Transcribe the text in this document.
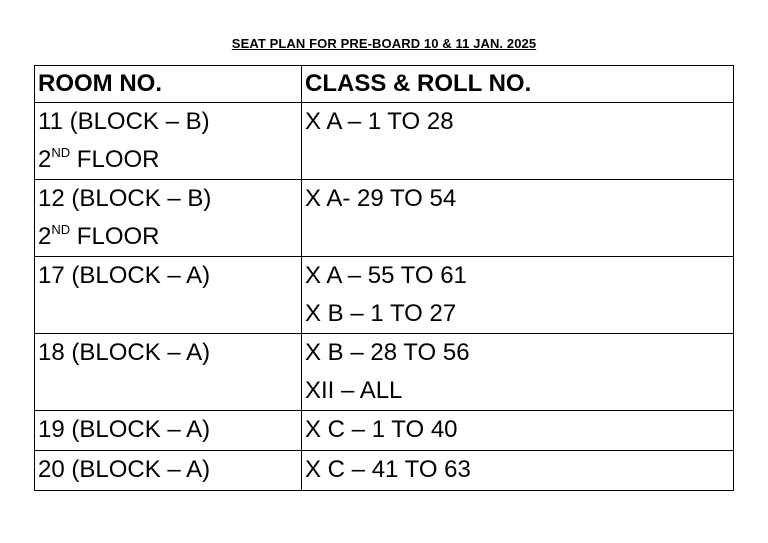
SEAT PLAN FOR PRE-BOARD 10 & 11 JAN. 2025
ROOM NO.	CLASS & ROLL NO.

11 (BLOCK – B)
2ND FLOOR	X A – 1 TO 28

12 (BLOCK – B)
2ND FLOOR	X A- 29 TO 54

17 (BLOCK – A)	X A – 55 TO 61
X B – 1 TO 27

18 (BLOCK – A)	X B – 28 TO 56
XII – ALL

19 (BLOCK – A)	X C – 1 TO 40

20 (BLOCK – A)	X C – 41 TO 63
